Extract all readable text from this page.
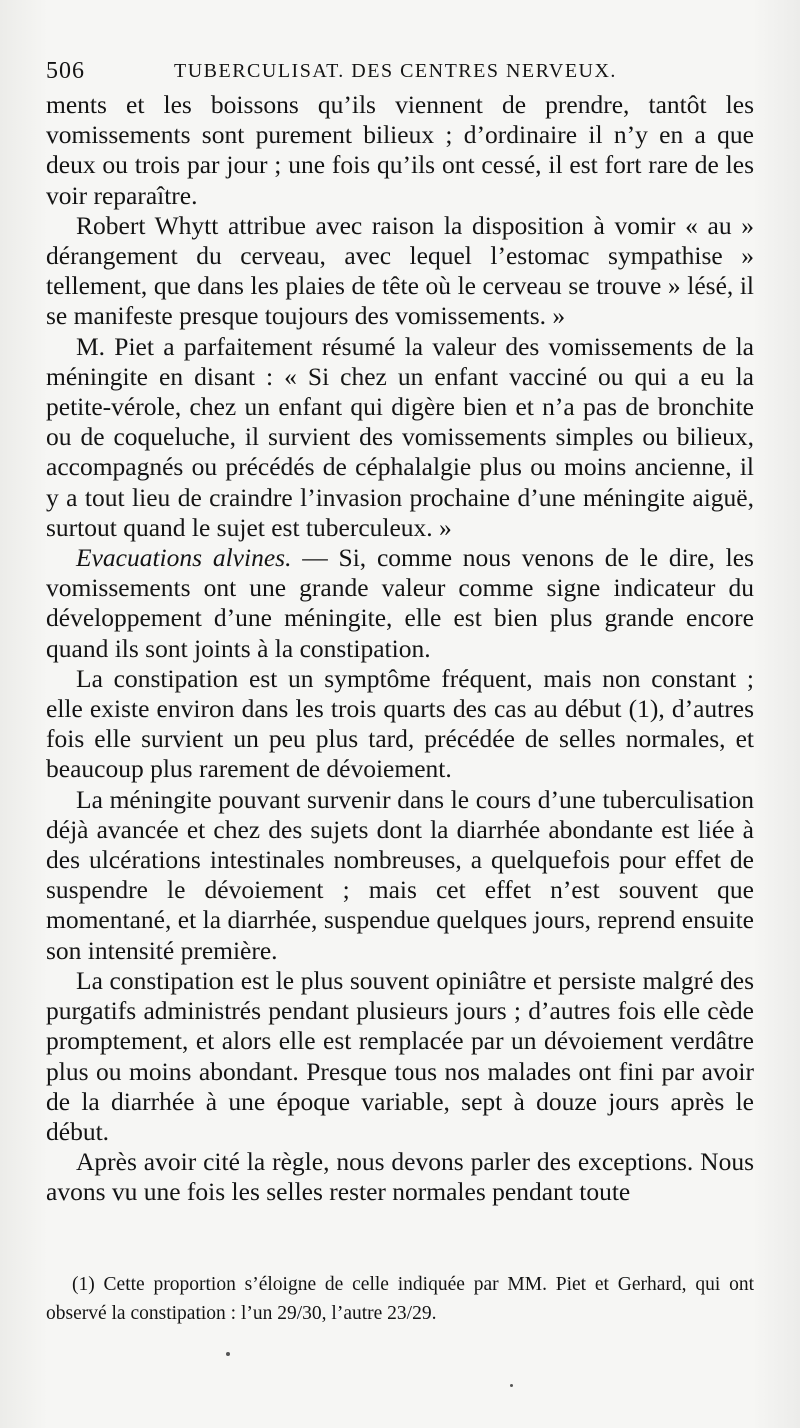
506	TUBERCULISAT. DES CENTRES NERVEUX.

ments et les boissons qu’ils viennent de prendre, tantôt les vomissements sont purement bilieux ; d’ordinaire il n’y en a que deux ou trois par jour ; une fois qu’ils ont cessé, il est fort rare de les voir reparaître.

Robert Whytt attribue avec raison la disposition à vomir « au » dérangement du cerveau, avec lequel l’estomac sympathise » tellement, que dans les plaies de tête où le cerveau se trouve » lésé, il se manifeste presque toujours des vomissements. »

M. Piet a parfaitement résumé la valeur des vomissements de la méningite en disant : « Si chez un enfant vacciné ou qui a eu la petite-vérole, chez un enfant qui digère bien et n’a pas de bronchite ou de coqueluche, il survient des vomissements simples ou bilieux, accompagnés ou précédés de céphalalgie plus ou moins ancienne, il y a tout lieu de craindre l’invasion prochaine d’une méningite aiguë, surtout quand le sujet est tuberculeux. »

Evacuations alvines. — Si, comme nous venons de le dire, les vomissements ont une grande valeur comme signe indicateur du développement d’une méningite, elle est bien plus grande encore quand ils sont joints à la constipation.

La constipation est un symptôme fréquent, mais non constant ; elle existe environ dans les trois quarts des cas au début (1), d’autres fois elle survient un peu plus tard, précédée de selles normales, et beaucoup plus rarement de dévoiement.

La méningite pouvant survenir dans le cours d’une tuberculisation déjà avancée et chez des sujets dont la diarrhée abondante est liée à des ulcérations intestinales nombreuses, a quelquefois pour effet de suspendre le dévoiement ; mais cet effet n’est souvent que momentané, et la diarrhée, suspendue quelques jours, reprend ensuite son intensité première.

La constipation est le plus souvent opiniâtre et persiste malgré des purgatifs administrés pendant plusieurs jours ; d’autres fois elle cède promptement, et alors elle est remplacée par un dévoiement verdâtre plus ou moins abondant. Presque tous nos malades ont fini par avoir de la diarrhée à une époque variable, sept à douze jours après le début.

Après avoir cité la règle, nous devons parler des exceptions. Nous avons vu une fois les selles rester normales pendant toute

(1) Cette proportion s’éloigne de celle indiquée par MM. Piet et Gerhard, qui ont observé la constipation : l’un 29/30, l’autre 23/29.
